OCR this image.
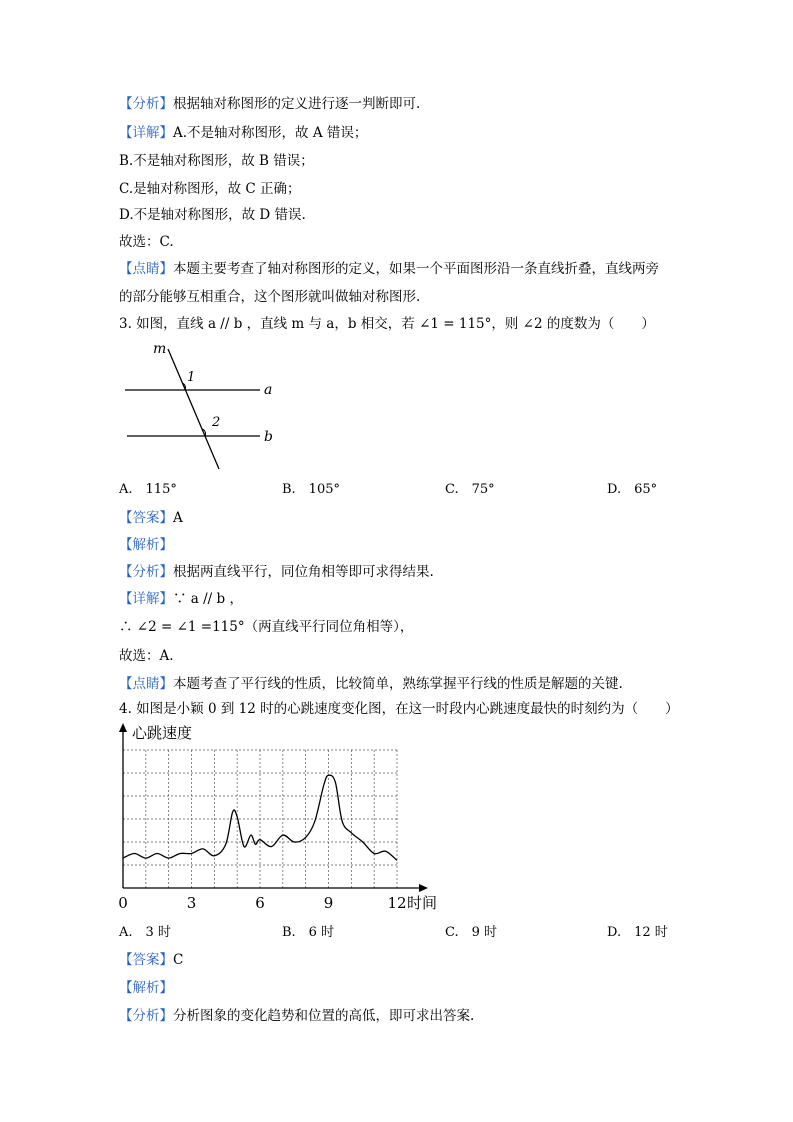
【分析】根据轴对称图形的定义进行逐一判断即可.
【详解】A.不是轴对称图形，故 A 错误；
B.不是轴对称图形，故 B 错误；
C.是轴对称图形，故 C 正确；
D.不是轴对称图形，故 D 错误.
故选：C.
【点睛】本题主要考查了轴对称图形的定义，如果一个平面图形沿一条直线折叠，直线两旁
的部分能够互相重合，这个图形就叫做轴对称图形.
3. 如图，直线 a // b ，直线 m 与 a，b 相交，若 ∠1 = 115°，则 ∠2 的度数为（　　）
m
1
2
a
b
A.　115°	B.　105°	C.　75°	D.　65°
【答案】A
【解析】
【分析】根据两直线平行，同位角相等即可求得结果.
【详解】∵ a // b ，
∴ ∠2 = ∠1 =115°（两直线平行同位角相等），
故选：A.
【点睛】本题考查了平行线的性质，比较简单，熟练掌握平行线的性质是解题的关键.
4. 如图是小颖 0 到 12 时的心跳速度变化图，在这一时段内心跳速度最快的时刻约为（　　）
心跳速度
时间
0	3	6	9	12
A.　3 时	B.　6 时	C.　9 时	D.　12 时
【答案】C
【解析】
【分析】分析图象的变化趋势和位置的高低，即可求出答案.
